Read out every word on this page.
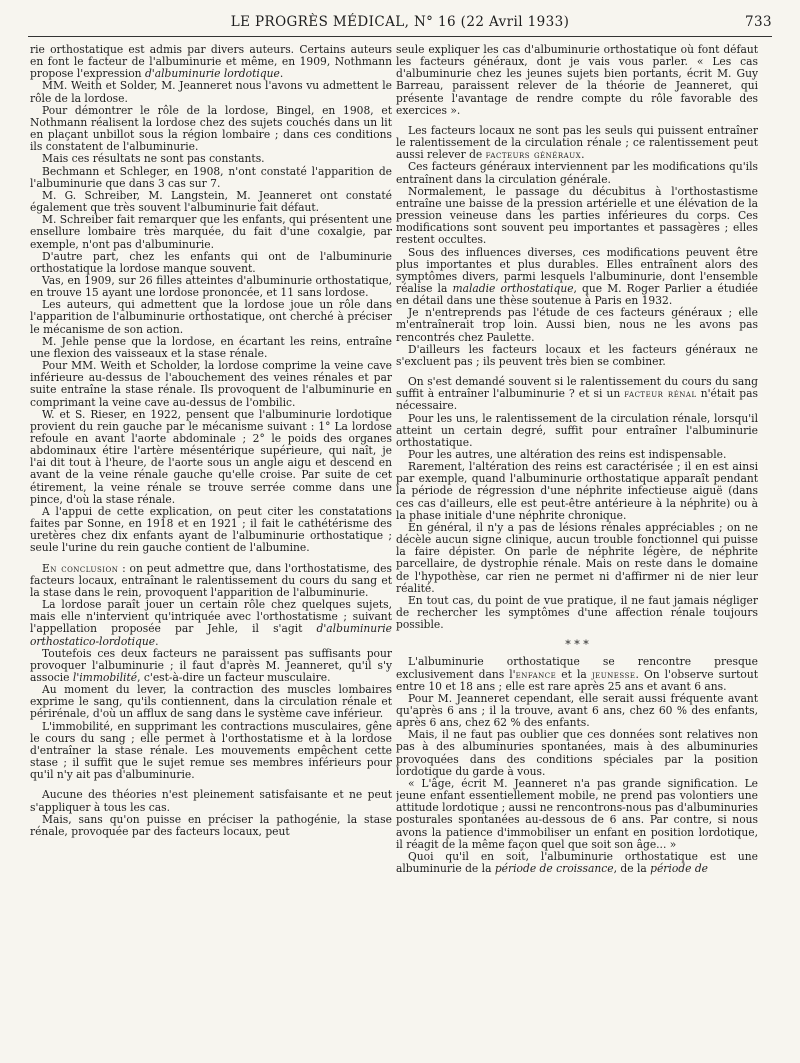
LE PROGRÈS MÉDICAL, N° 16 (22 Avril 1933)	733

rie orthostatique est admis par divers auteurs. Certains auteurs en font le facteur de l'albuminurie et même, en 1909, Nothmann propose l'expression d'albuminurie lordotique.

MM. Weith et Solder, M. Jeanneret nous l'avons vu admettent le rôle de la lordose.

Pour démontrer le rôle de la lordose, Bingel, en 1908, et Nothmann réalisent la lordose chez des sujets couchés dans un lit en plaçant unbillot sous la région lombaire ; dans ces conditions ils constatent de l'albuminurie.

Mais ces résultats ne sont pas constants.

Bechmann et Schleger, en 1908, n'ont constaté l'apparition de l'albuminurie que dans 3 cas sur 7.

M. G. Schreiber, M. Langstein, M. Jeanneret ont constaté également que très souvent l'albuminurie fait défaut.

M. Schreiber fait remarquer que les enfants, qui présentent une ensellure lombaire très marquée, du fait d'une coxalgie, par exemple, n'ont pas d'albuminurie.

D'autre part, chez les enfants qui ont de l'albuminurie orthostatique la lordose manque souvent.

Vas, en 1909, sur 26 filles atteintes d'albuminurie orthostatique, en trouve 15 ayant une lordose prononcée, et 11 sans lordose.

Les auteurs, qui admettent que la lordose joue un rôle dans l'apparition de l'albuminurie orthostatique, ont cherché à préciser le mécanisme de son action.

M. Jehle pense que la lordose, en écartant les reins, entraîne une flexion des vaisseaux et la stase rénale.

Pour MM. Weith et Scholder, la lordose comprime la veine cave inférieure au-dessus de l'abouchement des veines rénales et par suite entraîne la stase rénale. Ils provoquent de l'albuminurie en comprimant la veine cave au-dessus de l'ombilic.

W. et S. Rieser, en 1922, pensent que l'albuminurie lordotique provient du rein gauche par le mécanisme suivant : 1° La lordose refoule en avant l'aorte abdominale ; 2° le poids des organes abdominaux étire l'artère mésentérique supérieure, qui naît, je l'ai dit tout à l'heure, de l'aorte sous un angle aigu et descend en avant de la veine rénale gauche qu'elle croise. Par suite de cet étirement, la veine rénale se trouve serrée comme dans une pince, d'où la stase rénale.

A l'appui de cette explication, on peut citer les constatations faites par Sonne, en 1918 et en 1921 ; il fait le cathétérisme des uretères chez dix enfants ayant de l'albuminurie orthostatique ; seule l'urine du rein gauche contient de l'albumine.

En conclusion : on peut admettre que, dans l'orthostatisme, des facteurs locaux, entraînant le ralentissement du cours du sang et la stase dans le rein, provoquent l'apparition de l'albuminurie.

La lordose paraît jouer un certain rôle chez quelques sujets, mais elle n'intervient qu'intriquée avec l'orthostatisme ; suivant l'appellation proposée par Jehle, il s'agit d'albuminurie orthostatico-lordotique.

Toutefois ces deux facteurs ne paraissent pas suffisants pour provoquer l'albuminurie ; il faut d'après M. Jeanneret, qu'il s'y associe l'immobilité, c'est-à-dire un facteur musculaire.

Au moment du lever, la contraction des muscles lombaires exprime le sang, qu'ils contiennent, dans la circulation rénale et périrénale, d'où un afflux de sang dans le système cave inférieur.

L'immobilité, en supprimant les contractions musculaires, gêne le cours du sang ; elle permet à l'orthostatisme et à la lordose d'entraîner la stase rénale. Les mouvements empêchent cette stase ; il suffit que le sujet remue ses membres inférieurs pour qu'il n'y ait pas d'albuminurie.

Aucune des théories n'est pleinement satisfaisante et ne peut s'appliquer à tous les cas.

Mais, sans qu'on puisse en préciser la pathogénie, la stase rénale, provoquée par des facteurs locaux, peut

seule expliquer les cas d'albuminurie orthostatique où font défaut les facteurs généraux, dont je vais vous parler. « Les cas d'albuminurie chez les jeunes sujets bien portants, écrit M. Guy Barreau, paraissent relever de la théorie de Jeanneret, qui présente l'avantage de rendre compte du rôle favorable des exercices ».

Les facteurs locaux ne sont pas les seuls qui puissent entraîner le ralentissement de la circulation rénale ; ce ralentissement peut aussi relever de facteurs généraux.

Ces facteurs généraux interviennent par les modifications qu'ils entraînent dans la circulation générale.

Normalement, le passage du décubitus à l'orthostastisme entraîne une baisse de la pression artérielle et une élévation de la pression veineuse dans les parties inférieures du corps. Ces modifications sont souvent peu importantes et passagères ; elles restent occultes.

Sous des influences diverses, ces modifications peuvent être plus importantes et plus durables. Elles entraînent alors des symptômes divers, parmi lesquels l'albuminurie, dont l'ensemble réalise la maladie orthostatique, que M. Roger Parlier a étudiée en détail dans une thèse soutenue à Paris en 1932.

Je n'entreprends pas l'étude de ces facteurs généraux ; elle m'entraînerait trop loin. Aussi bien, nous ne les avons pas rencontrés chez Paulette.

D'ailleurs les facteurs locaux et les facteurs généraux ne s'excluent pas ; ils peuvent très bien se combiner.

On s'est demandé souvent si le ralentissement du cours du sang suffit à entraîner l'albuminurie ? et si un facteur rénal n'était pas nécessaire.

Pour les uns, le ralentissement de la circulation rénale, lorsqu'il atteint un certain degré, suffit pour entraîner l'albuminurie orthostatique.

Pour les autres, une altération des reins est indispensable.

Rarement, l'altération des reins est caractérisée ; il en est ainsi par exemple, quand l'albuminurie orthostatique apparaît pendant la période de régression d'une néphrite infectieuse aiguë (dans ces cas d'ailleurs, elle est peut-être antérieure à la néphrite) ou à la phase initiale d'une néphrite chronique.

En général, il n'y a pas de lésions rénales appréciables ; on ne décèle aucun signe clinique, aucun trouble fonctionnel qui puisse la faire dépister. On parle de néphrite légère, de néphrite parcellaire, de dystrophie rénale. Mais on reste dans le domaine de l'hypothèse, car rien ne permet ni d'affirmer ni de nier leur réalité.

En tout cas, du point de vue pratique, il ne faut jamais négliger de rechercher les symptômes d'une affection rénale toujours possible.

* * *

L'albuminurie orthostatique se rencontre presque exclusivement dans l'enfance et la jeunesse. On l'observe surtout entre 10 et 18 ans ; elle est rare après 25 ans et avant 6 ans.

Pour M. Jeanneret cependant, elle serait aussi fréquente avant qu'après 6 ans ; il la trouve, avant 6 ans, chez 60 % des enfants, après 6 ans, chez 62 % des enfants.

Mais, il ne faut pas oublier que ces données sont relatives non pas à des albuminuries spontanées, mais à des albuminuries provoquées dans des conditions spéciales par la position lordotique du garde à vous.

« L'âge, écrit M. Jeanneret n'a pas grande signification. Le jeune enfant essentiellement mobile, ne prend pas volontiers une attitude lordotique ; aussi ne rencontrons-nous pas d'albuminuries posturales spontanées au-dessous de 6 ans. Par contre, si nous avons la patience d'immobiliser un enfant en position lordotique, il réagit de la même façon quel que soit son âge... »

Quoi qu'il en soit, l'albuminurie orthostatique est une albuminurie de la période de croissance, de la période de
